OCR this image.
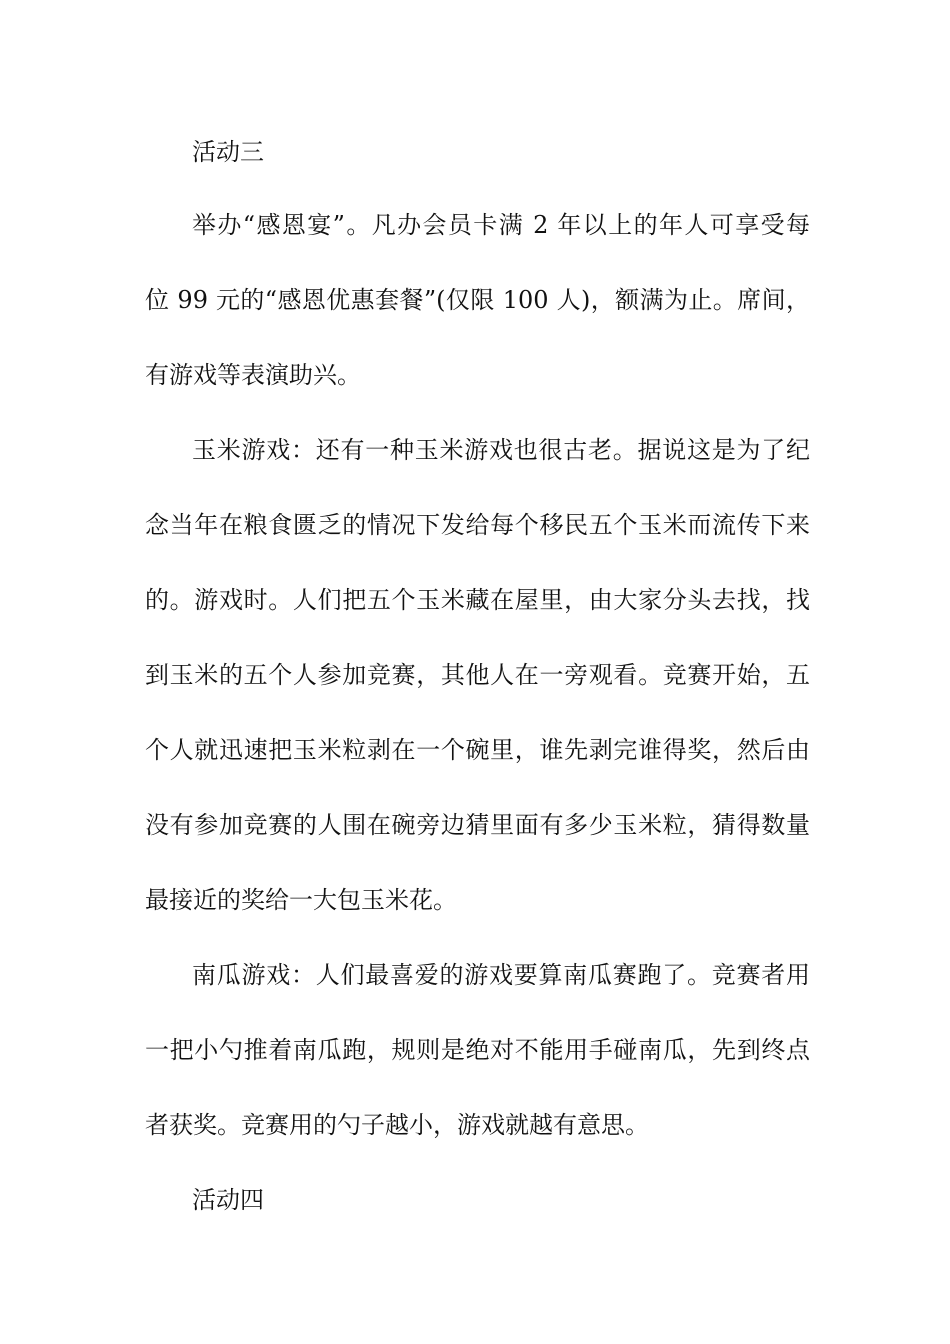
活动三
举办“感恩宴”。凡办会员卡满 2 年以上的年人可享受每
位 99 元的“感恩优惠套餐”(仅限 100 人)，额满为止。席间，
有游戏等表演助兴。
玉米游戏：还有一种玉米游戏也很古老。据说这是为了纪
念当年在粮食匮乏的情况下发给每个移民五个玉米而流传下来
的。游戏时。人们把五个玉米藏在屋里，由大家分头去找，找
到玉米的五个人参加竞赛，其他人在一旁观看。竞赛开始，五
个人就迅速把玉米粒剥在一个碗里，谁先剥完谁得奖，然后由
没有参加竞赛的人围在碗旁边猜里面有多少玉米粒，猜得数量
最接近的奖给一大包玉米花。
南瓜游戏：人们最喜爱的游戏要算南瓜赛跑了。竞赛者用
一把小勺推着南瓜跑，规则是绝对不能用手碰南瓜，先到终点
者获奖。竞赛用的勺子越小，游戏就越有意思。
活动四
